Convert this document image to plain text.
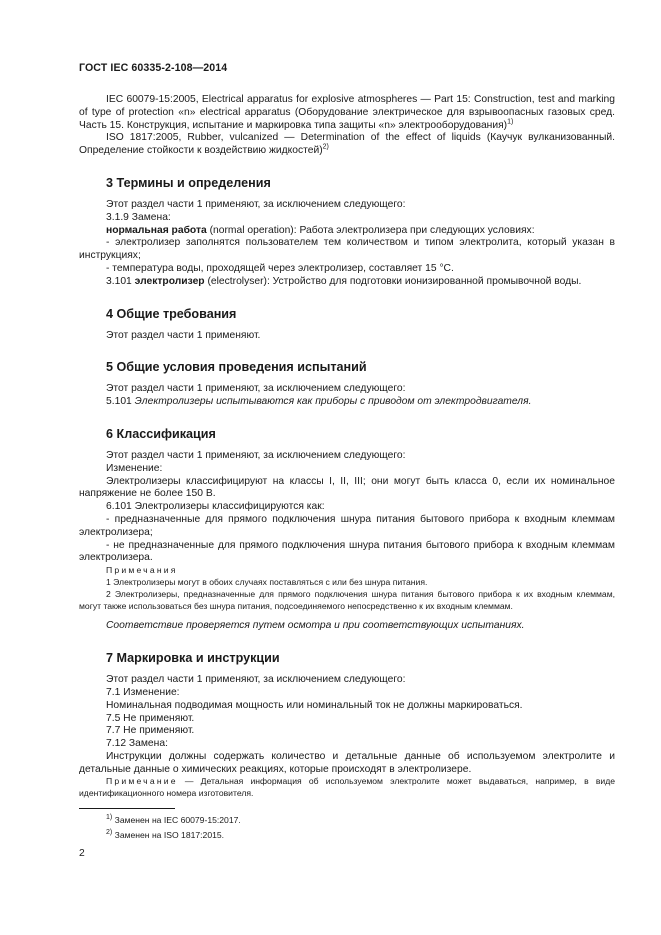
ГОСТ IEC 60335-2-108—2014

IEC 60079-15:2005, Electrical apparatus for explosive atmospheres — Part 15: Construction, test and marking of type of protection «n» electrical apparatus (Оборудование электрическое для взрывоопасных газовых сред. Часть 15. Конструкция, испытание и маркировка типа защиты «n» электрооборудования)$^{1)}$

ISO 1817:2005, Rubber, vulcanized — Determination of the effect of liquids (Каучук вулканизованный. Определение стойкости к воздействию жидкостей)$^{2)}$

3 Термины и определения

Этот раздел части 1 применяют, за исключением следующего:

3.1.9 Замена:

нормальная работа (normal operation): Работа электролизера при следующих условиях:

- электролизер заполнятся пользователем тем количеством и типом электролита, который указан в инструкциях;

- температура воды, проходящей через электролизер, составляет 15 °С.

3.101 электролизер (electrolyser): Устройство для подготовки ионизированной промывочной воды.

4 Общие требования

Этот раздел части 1 применяют.

5 Общие условия проведения испытаний

Этот раздел части 1 применяют, за исключением следующего:

5.101 Электролизеры испытываются как приборы с приводом от электродвигателя.

6 Классификация

Этот раздел части 1 применяют, за исключением следующего:

Изменение:

Электролизеры классифицируют на классы I, II, III; они могут быть класса 0, если их номинальное напряжение не более 150 В.

6.101 Электролизеры классифицируются как:

- предназначенные для прямого подключения шнура питания бытового прибора к входным клеммам электролизера;

- не предназначенные для прямого подключения шнура питания бытового прибора к входным клеммам электролизера.

Примечания

1 Электролизеры могут в обоих случаях поставляться с или без шнура питания.

2 Электролизеры, предназначенные для прямого подключения шнура питания бытового прибора к их входным клеммам, могут также использоваться без шнура питания, подсоединяемого непосредственно к их входным клеммам.

Соответствие проверяется путем осмотра и при соответствующих испытаниях.

7 Маркировка и инструкции

Этот раздел части 1 применяют, за исключением следующего:

7.1 Изменение:

Номинальная подводимая мощность или номинальный ток не должны маркироваться.

7.5 Не применяют.

7.7 Не применяют.

7.12 Замена:

Инструкции должны содержать количество и детальные данные об используемом электролите и детальные данные о химических реакциях, которые происходят в электролизере.

Примечание — Детальная информация об используемом электролите может выдаваться, например, в виде идентификационного номера изготовителя.

$^{1)}$ Заменен на IEC 60079-15:2017.

$^{2)}$ Заменен на ISO 1817:2015.

2
